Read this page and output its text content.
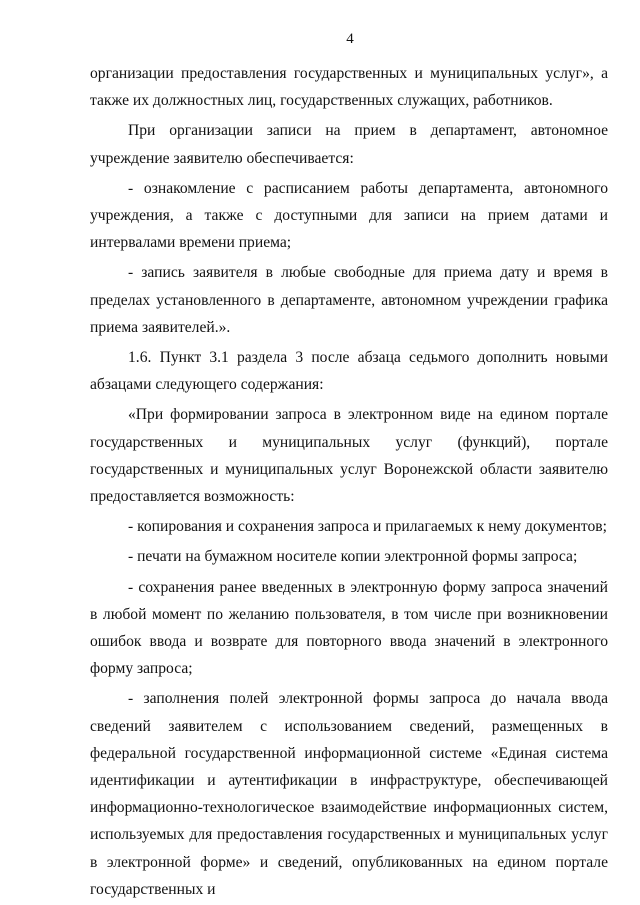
4

организации предоставления государственных и муниципальных услуг», а также их должностных лиц, государственных служащих, работников.

При организации записи на прием в департамент, автономное учреждение заявителю обеспечивается:

- ознакомление с расписанием работы департамента, автономного учреждения, а также с доступными для записи на прием датами и интервалами времени приема;

- запись заявителя в любые свободные для приема дату и время в пределах установленного в департаменте, автономном учреждении графика приема заявителей.».

1.6. Пункт 3.1 раздела 3 после абзаца седьмого дополнить новыми абзацами следующего содержания:

«При формировании запроса в электронном виде на едином портале государственных и муниципальных услуг (функций), портале государственных и муниципальных услуг Воронежской области заявителю предоставляется возможность:

- копирования и сохранения запроса и прилагаемых к нему документов;

- печати на бумажном носителе копии электронной формы запроса;

- сохранения ранее введенных в электронную форму запроса значений в любой момент по желанию пользователя, в том числе при возникновении ошибок ввода и возврате для повторного ввода значений в электронного форму запроса;

- заполнения полей электронной формы запроса до начала ввода сведений заявителем с использованием сведений, размещенных в федеральной государственной информационной системе «Единая система идентификации и аутентификации в инфраструктуре, обеспечивающей информационно-технологическое взаимодействие информационных систем, используемых для предоставления государственных и муниципальных услуг в электронной форме» и сведений, опубликованных на едином портале государственных и
